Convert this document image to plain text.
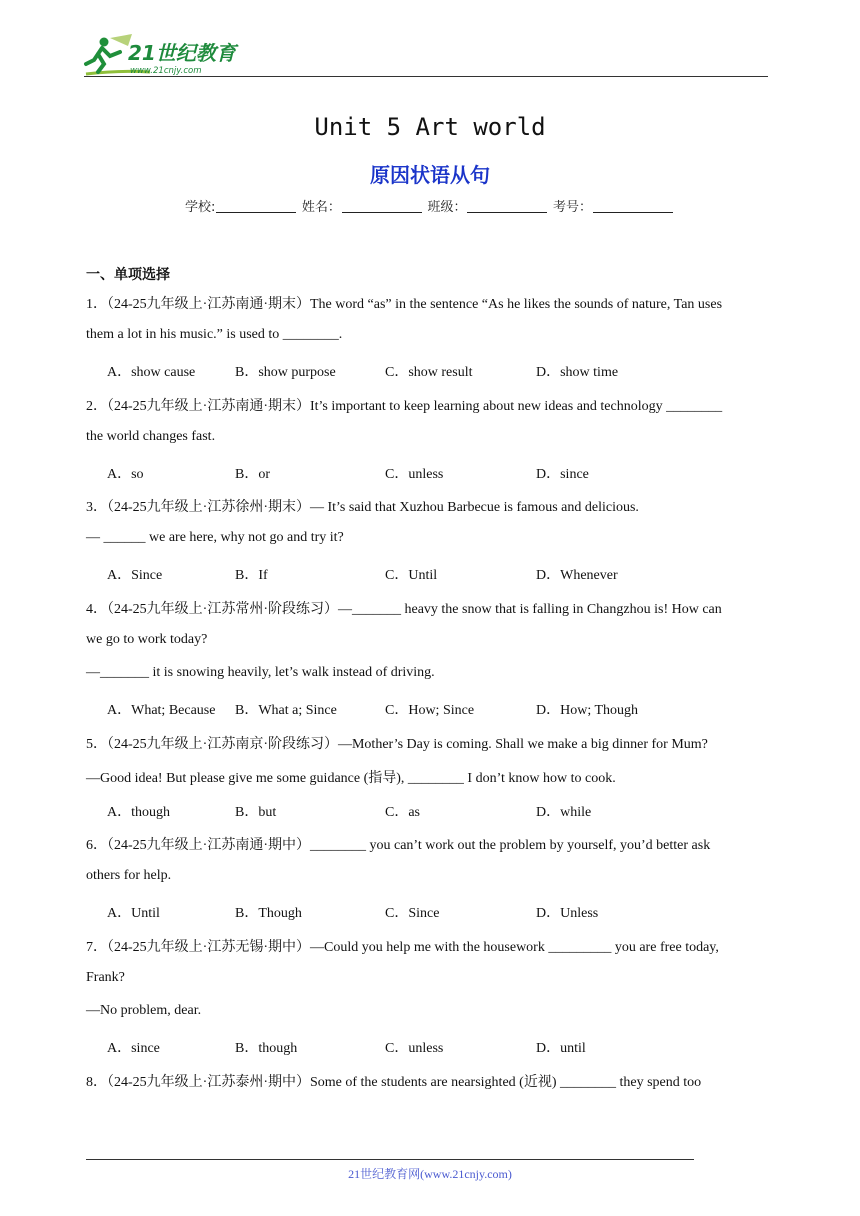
21世纪教育
www.21cnjy.com
Unit 5 Art world
原因状语从句
学校:	姓名：	班级：	考号：
一、单项选择
1．（24-25九年级上·江苏南通·期末）The word “as” in the sentence “As he likes the sounds of nature, Tan uses
them a lot in his music.” is used to ________.
A．show cause	B．show purpose	C．show result	D．show time
2．（24-25九年级上·江苏南通·期末）It’s important to keep learning about new ideas and technology ________
the world changes fast.
A．so	B．or	C．unless	D．since
3．（24-25九年级上·江苏徐州·期末）— It’s said that Xuzhou Barbecue is famous and delicious.
— ______ we are here, why not go and try it?
A．Since	B．If	C．Until	D．Whenever
4．（24-25九年级上·江苏常州·阶段练习）—_______ heavy the snow that is falling in Changzhou is! How can
we go to work today?
—_______ it is snowing heavily, let’s walk instead of driving.
A．What; Because B．What a; Since	C．How; Since	D．How; Though
5．（24-25九年级上·江苏南京·阶段练习）—Mother’s Day is coming. Shall we make a big dinner for Mum?
—Good idea! But please give me some guidance (指导), ________ I don’t know how to cook.
A．though	B．but	C．as	D．while
6．（24-25九年级上·江苏南通·期中）________ you can’t work out the problem by yourself, you’d better ask
others for help.
A．Until	B．Though	C．Since	D．Unless
7．（24-25九年级上·江苏无锡·期中）—Could you help me with the housework _________ you are free today,
Frank?
—No problem, dear.
A．since	B．though	C．unless	D．until
8．（24-25九年级上·江苏泰州·期中）Some of the students are nearsighted (近视) ________ they spend too
21世纪教育网(www.21cnjy.com)
